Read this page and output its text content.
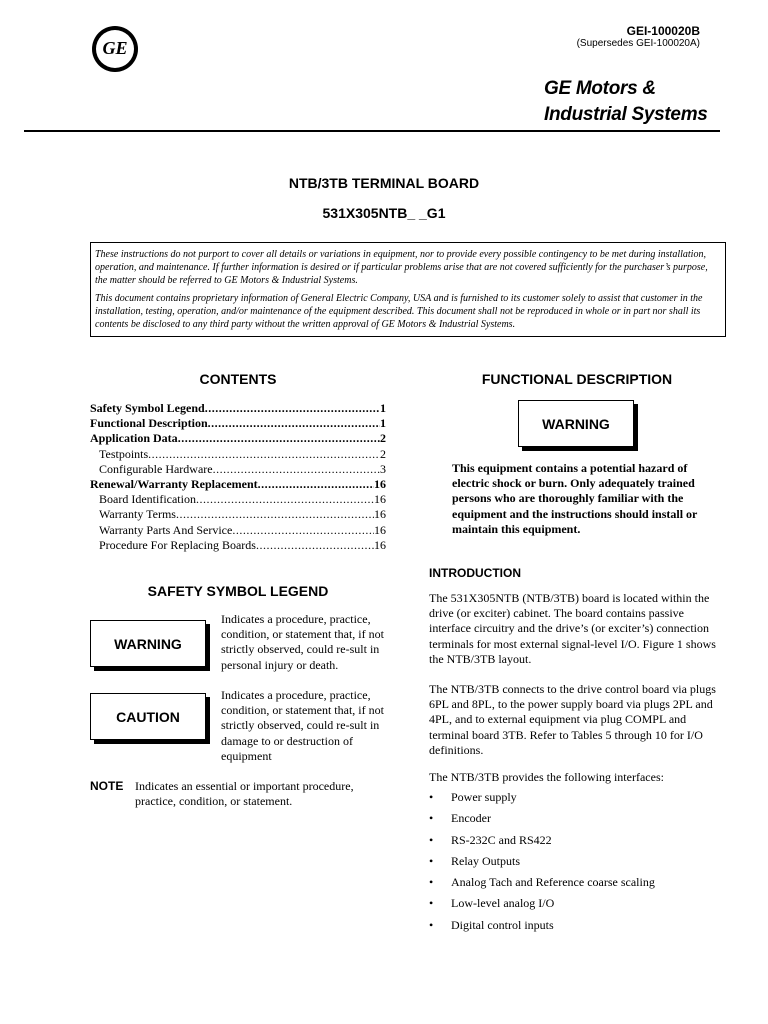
GE
GEI-100020B
(Supersedes GEI-100020A)
GE Motors &
Industrial Systems
NTB/3TB TERMINAL BOARD
531X305NTB_ _G1

These instructions do not purport to cover all details or variations in equipment, nor to provide every possible contingency to be met during installation, operation, and maintenance. If further information is desired or if particular problems arise that are not covered sufficiently for the purchaser’s purpose, the matter should be referred to GE Motors & Industrial Systems.

This document contains proprietary information of General Electric Company, USA and is furnished to its customer solely to assist that customer in the installation, testing, operation, and/or maintenance of the equipment described. This document shall not be reproduced in whole or in part nor shall its contents be disclosed to any third party without the written approval of GE Motors & Industrial Systems.

CONTENTS
Safety Symbol Legend .....	1
Functional Description .....	1
Application Data .....	2
Testpoints .....	2
Configurable Hardware .....	3
Renewal/Warranty Replacement .....	16
Board Identification .....	16
Warranty Terms .....	16
Warranty Parts And Service .....	16
Procedure For Replacing Boards .....	16
SAFETY SYMBOL LEGEND
WARNING
Indicates a procedure, practice, condition, or statement that, if not strictly observed, could re-sult in personal injury or death.
CAUTION
Indicates a procedure, practice, condition, or statement that, if not strictly observed, could re-sult in damage to or destruction of equipment
NOTE Indicates an essential or important procedure, practice, condition, or statement.
FUNCTIONAL DESCRIPTION
WARNING
This equipment contains a potential hazard of electric shock or burn. Only adequately trained persons who are thoroughly familiar with the equipment and the instructions should install or maintain this equipment.
INTRODUCTION
The 531X305NTB (NTB/3TB) board is located within the drive (or exciter) cabinet. The board contains passive interface circuitry and the drive’s (or exciter’s) connection terminals for most external signal-level I/O. Figure 1 shows the NTB/3TB layout.
The NTB/3TB connects to the drive control board via plugs 6PL and 8PL, to the power supply board via plugs 2PL and 4PL, and to external equipment via plug COMPL and terminal board 3TB. Refer to Tables 5 through 10 for I/O definitions.
The NTB/3TB provides the following interfaces:
•	Power supply
•	Encoder
•	RS-232C and RS422
•	Relay Outputs
•	Analog Tach and Reference coarse scaling
•	Low-level analog I/O
•	Digital control inputs
